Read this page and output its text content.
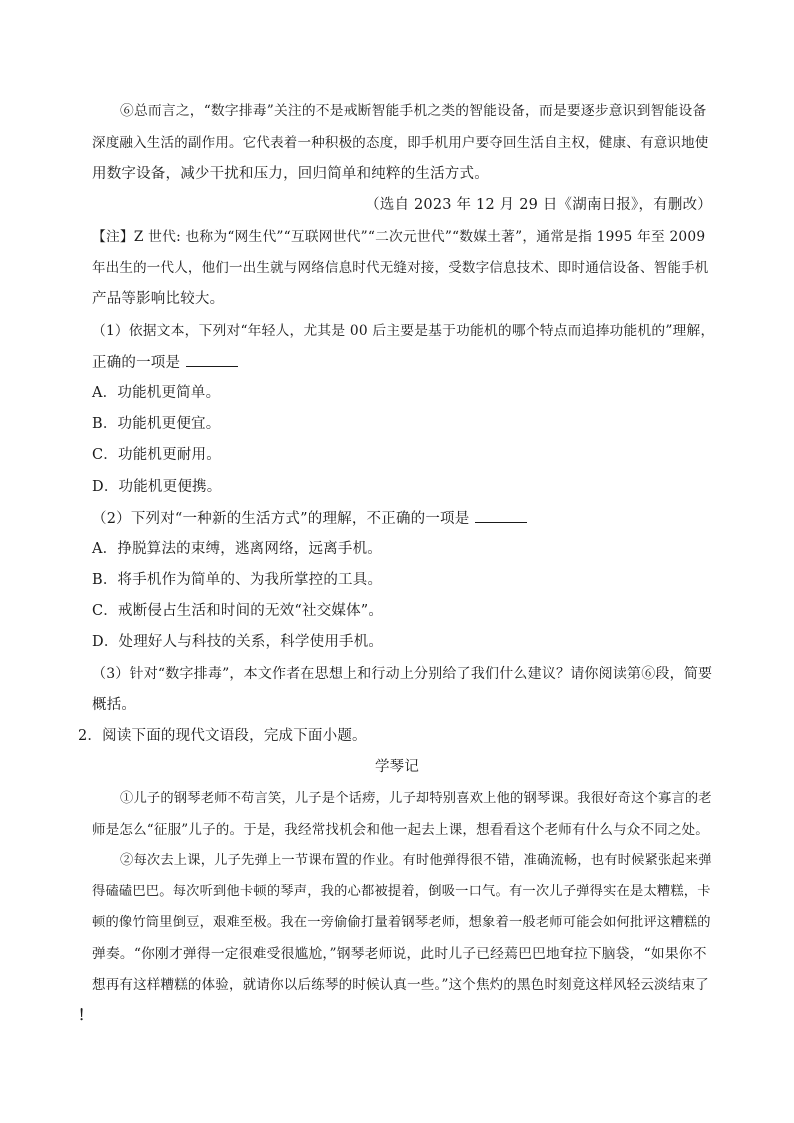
⑥总而言之，“数字排毒”关注的不是戒断智能手机之类的智能设备，而是要逐步意识到智能设备
深度融入生活的副作用。它代表着一种积极的态度，即手机用户要夺回生活自主权，健康、有意识地使
用数字设备，减少干扰和压力，回归简单和纯粹的生活方式。
（选自 2023 年 12 月 29 日《湖南日报》，有删改）
【注】Z 世代: 也称为“网生代”“互联网世代”“二次元世代”“数媒土著”，通常是指 1995 年至 2009
年出生的一代人，他们一出生就与网络信息时代无缝对接，受数字信息技术、即时通信设备、智能手机
产品等影响比较大。
（1）依据文本，下列对“年轻人，尤其是 00 后主要是基于功能机的哪个特点而追捧功能机的”理解，
正确的一项是
A．功能机更简单。
B．功能机更便宜。
C．功能机更耐用。
D．功能机更便携。
（2）下列对“一种新的生活方式”的理解，不正确的一项是
A．挣脱算法的束缚，逃离网络，远离手机。
B．将手机作为简单的、为我所掌控的工具。
C．戒断侵占生活和时间的无效“社交媒体”。
D．处理好人与科技的关系，科学使用手机。
（3）针对“数字排毒”，本文作者在思想上和行动上分别给了我们什么建议？请你阅读第⑥段，简要
概括。
2．阅读下面的现代文语段，完成下面小题。
学琴记
①儿子的钢琴老师不苟言笑，儿子是个话痨，儿子却特别喜欢上他的钢琴课。我很好奇这个寡言的老
师是怎么“征服”儿子的。于是，我经常找机会和他一起去上课，想看看这个老师有什么与众不同之处。
②每次去上课，儿子先弹上一节课布置的作业。有时他弹得很不错，准确流畅，也有时候紧张起来弹
得磕磕巴巴。每次听到他卡顿的琴声，我的心都被提着，倒吸一口气。有一次儿子弹得实在是太糟糕，卡
顿的像竹筒里倒豆，艰难至极。我在一旁偷偷打量着钢琴老师，想象着一般老师可能会如何批评这糟糕的
弹奏。“你刚才弹得一定很难受很尴尬，”钢琴老师说，此时儿子已经蔫巴巴地耷拉下脑袋，“如果你不
想再有这样糟糕的体验，就请你以后练琴的时候认真一些。”这个焦灼的黑色时刻竟这样风轻云淡结束了
！
